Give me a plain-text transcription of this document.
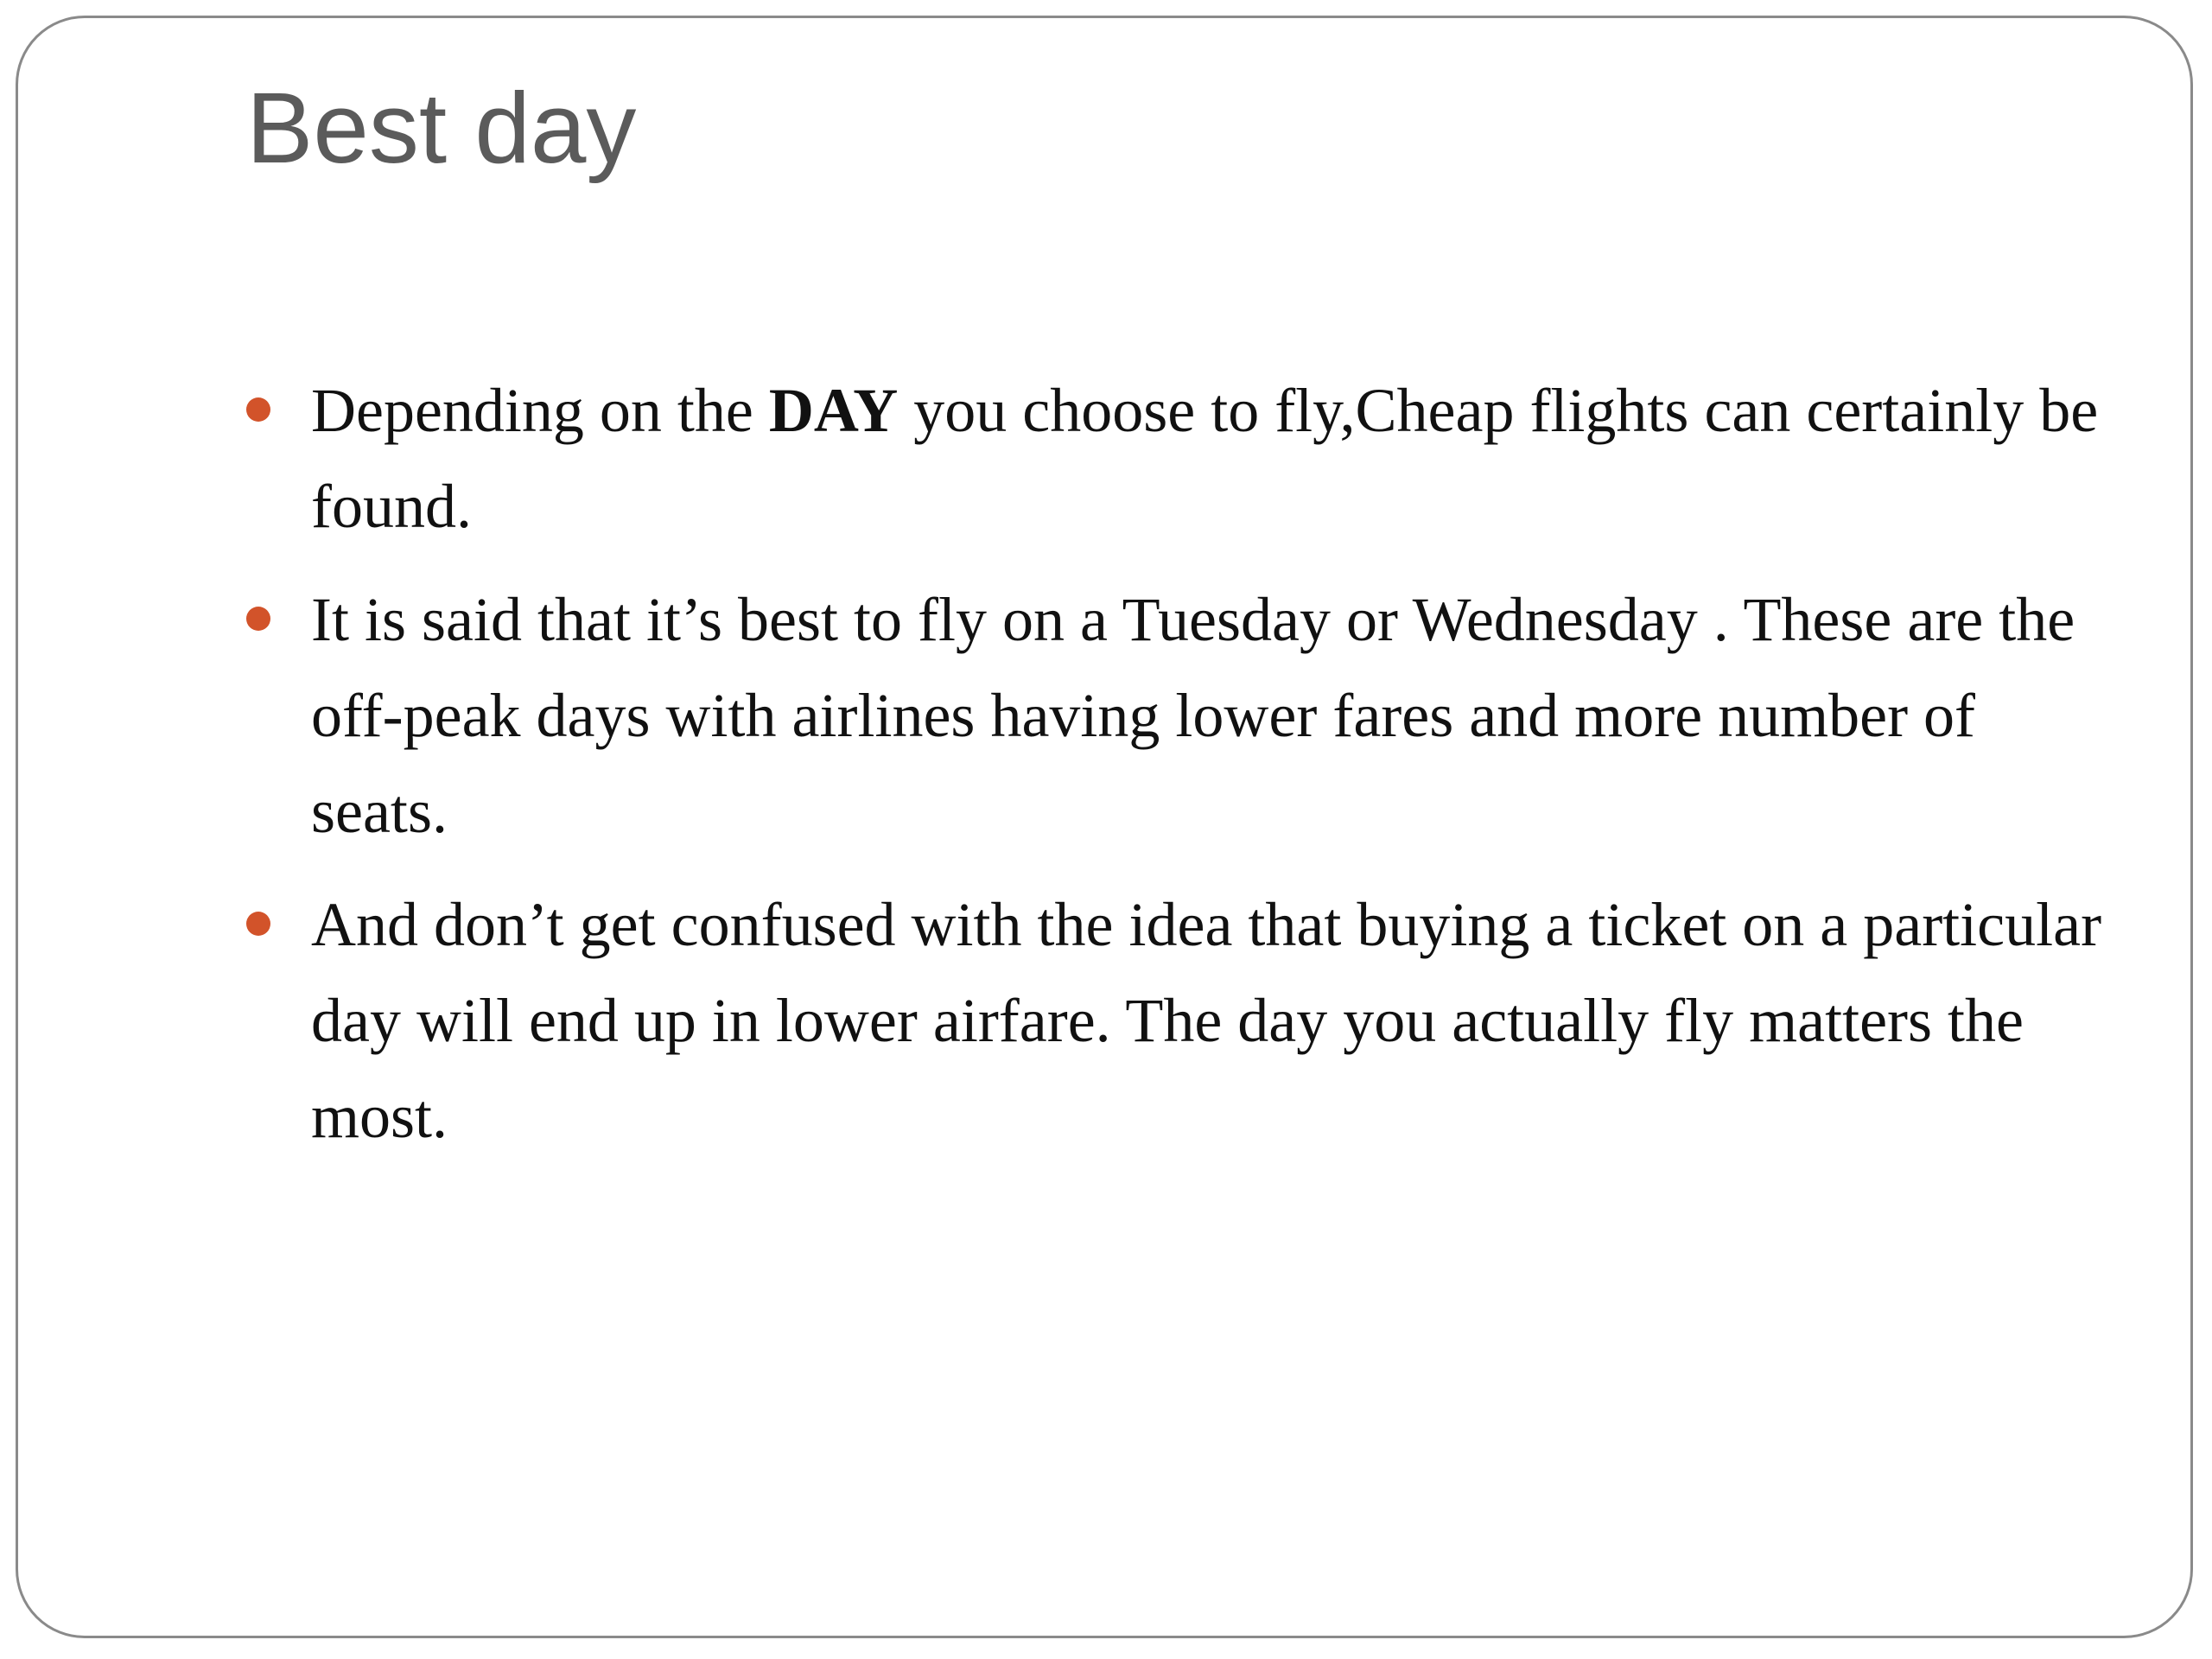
Best day
Depending on the DAY you choose to fly,Cheap flights can certainly be found.
It is said that it’s best to fly on a Tuesday or Wednesday . These are the off-peak days with airlines having lower fares and more number of seats.
And don’t get confused with the idea that buying a ticket on a particular day will end up in lower airfare. The day you actually fly matters the most.
